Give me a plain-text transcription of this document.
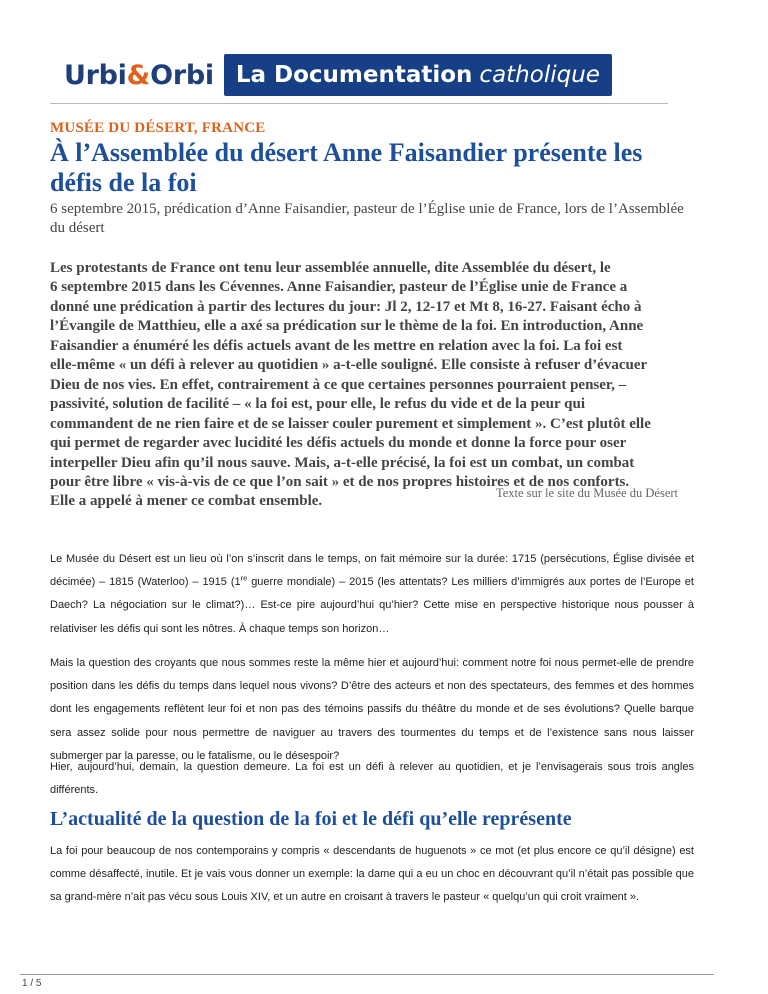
Urbi & Orbi La Documentation catholique
MUSÉE DU DÉSERT, FRANCE
À l’Assemblée du désert Anne Faisandier présente les défis de la foi
6 septembre 2015, prédication d’Anne Faisandier, pasteur de l’Église unie de France, lors de l’Assemblée du désert
Les protestants de France ont tenu leur assemblée annuelle, dite Assemblée du désert, le
6 septembre 2015 dans les Cévennes. Anne Faisandier, pasteur de l’Église unie de France a
donné une prédication à partir des lectures du jour: Jl 2, 12-17 et Mt 8, 16-27. Faisant écho à
l’Évangile de Matthieu, elle a axé sa prédication sur le thème de la foi. En introduction, Anne
Faisandier a énuméré les défis actuels avant de les mettre en relation avec la foi. La foi est
elle-même « un défi à relever au quotidien » a-t-elle souligné. Elle consiste à refuser d’évacuer
Dieu de nos vies. En effet, contrairement à ce que certaines personnes pourraient penser, –
passivité, solution de facilité – « la foi est, pour elle, le refus du vide et de la peur qui
commandent de ne rien faire et de se laisser couler purement et simplement ». C’est plutôt elle
qui permet de regarder avec lucidité les défis actuels du monde et donne la force pour oser
interpeller Dieu afin qu’il nous sauve. Mais, a-t-elle précisé, la foi est un combat, un combat
pour être libre « vis-à-vis de ce que l’on sait » et de nos propres histoires et de nos conforts.
Elle a appelé à mener ce combat ensemble.
Texte sur le site du Musée du Désert

Le Musée du Désert est un lieu où l’on s’inscrit dans le temps, on fait mémoire sur la durée: 1715 (persécutions, Église divisée et décimée) – 1815 (Waterloo) – 1915 (1re guerre mondiale) – 2015 (les attentats? Les milliers d’immigrés aux portes de l’Europe et Daech? La négociation sur le climat?)… Est-ce pire aujourd’hui qu’hier? Cette mise en perspective historique nous pousser à relativiser les défis qui sont les nôtres. À chaque temps son horizon…

Mais la question des croyants que nous sommes reste la même hier et aujourd’hui: comment notre foi nous permet-elle de prendre position dans les défis du temps dans lequel nous vivons? D’être des acteurs et non des spectateurs, des femmes et des hommes dont les engagements reflètent leur foi et non pas des témoins passifs du théâtre du monde et de ses évolutions? Quelle barque sera assez solide pour nous permettre de naviguer au travers des tourmentes du temps et de l’existence sans nous laisser submerger par la paresse, ou le fatalisme, ou le désespoir?

Hier, aujourd’hui, demain, la question demeure. La foi est un défi à relever au quotidien, et je l’envisagerais sous trois angles différents.

L’actualité de la question de la foi et le défi qu’elle représente

La foi pour beaucoup de nos contemporains y compris « descendants de huguenots » ce mot (et plus encore ce qu’il désigne) est comme désaffecté, inutile. Et je vais vous donner un exemple: la dame qui a eu un choc en découvrant qu’il n’était pas possible que sa grand-mère n’ait pas vécu sous Louis XIV, et un autre en croisant à travers le pasteur « quelqu’un qui croit vraiment ».

1 / 5
